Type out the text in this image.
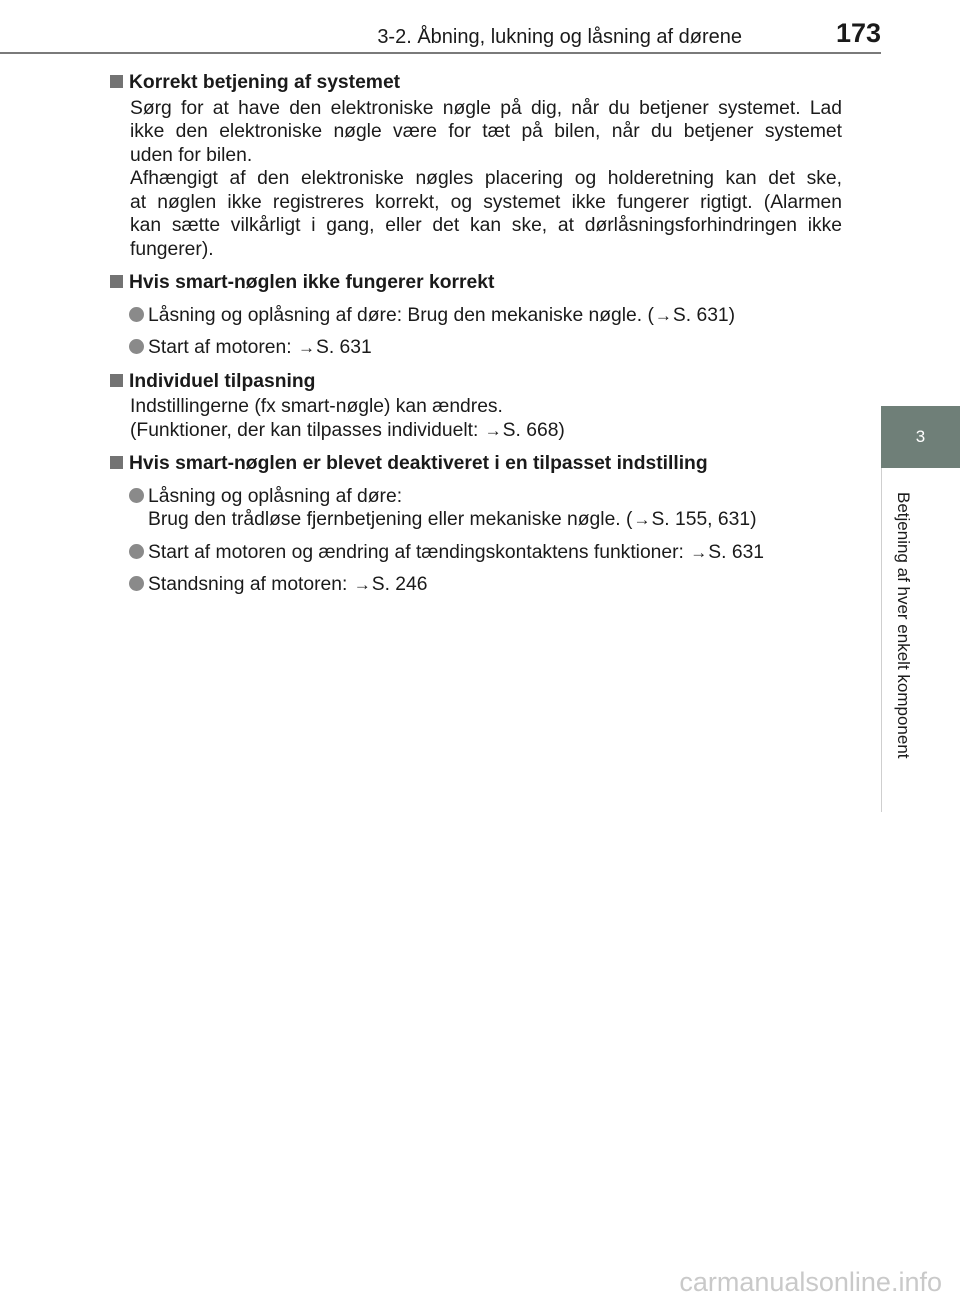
3-2. Åbning, lukning og låsning af dørene	173
3
Betjening af hver enkelt komponent
Korrekt betjening af systemet
Sørg for at have den elektroniske nøgle på dig, når du betjener systemet. Lad
ikke den elektroniske nøgle være for tæt på bilen, når du betjener systemet
uden for bilen.
Afhængigt af den elektroniske nøgles placering og holderetning kan det ske,
at nøglen ikke registreres korrekt, og systemet ikke fungerer rigtigt. (Alarmen
kan sætte vilkårligt i gang, eller det kan ske, at dørlåsningsforhindringen ikke
fungerer).
Hvis smart-nøglen ikke fungerer korrekt
Låsning og oplåsning af døre: Brug den mekaniske nøgle. (→S. 631)
Start af motoren: →S. 631
Individuel tilpasning
Indstillingerne (fx smart-nøgle) kan ændres.
(Funktioner, der kan tilpasses individuelt: →S. 668)
Hvis smart-nøglen er blevet deaktiveret i en tilpasset indstilling
Låsning og oplåsning af døre:
Brug den trådløse fjernbetjening eller mekaniske nøgle. (→S. 155, 631)
Start af motoren og ændring af tændingskontaktens funktioner: →S. 631
Standsning af motoren: →S. 246
carmanualsonline.info
